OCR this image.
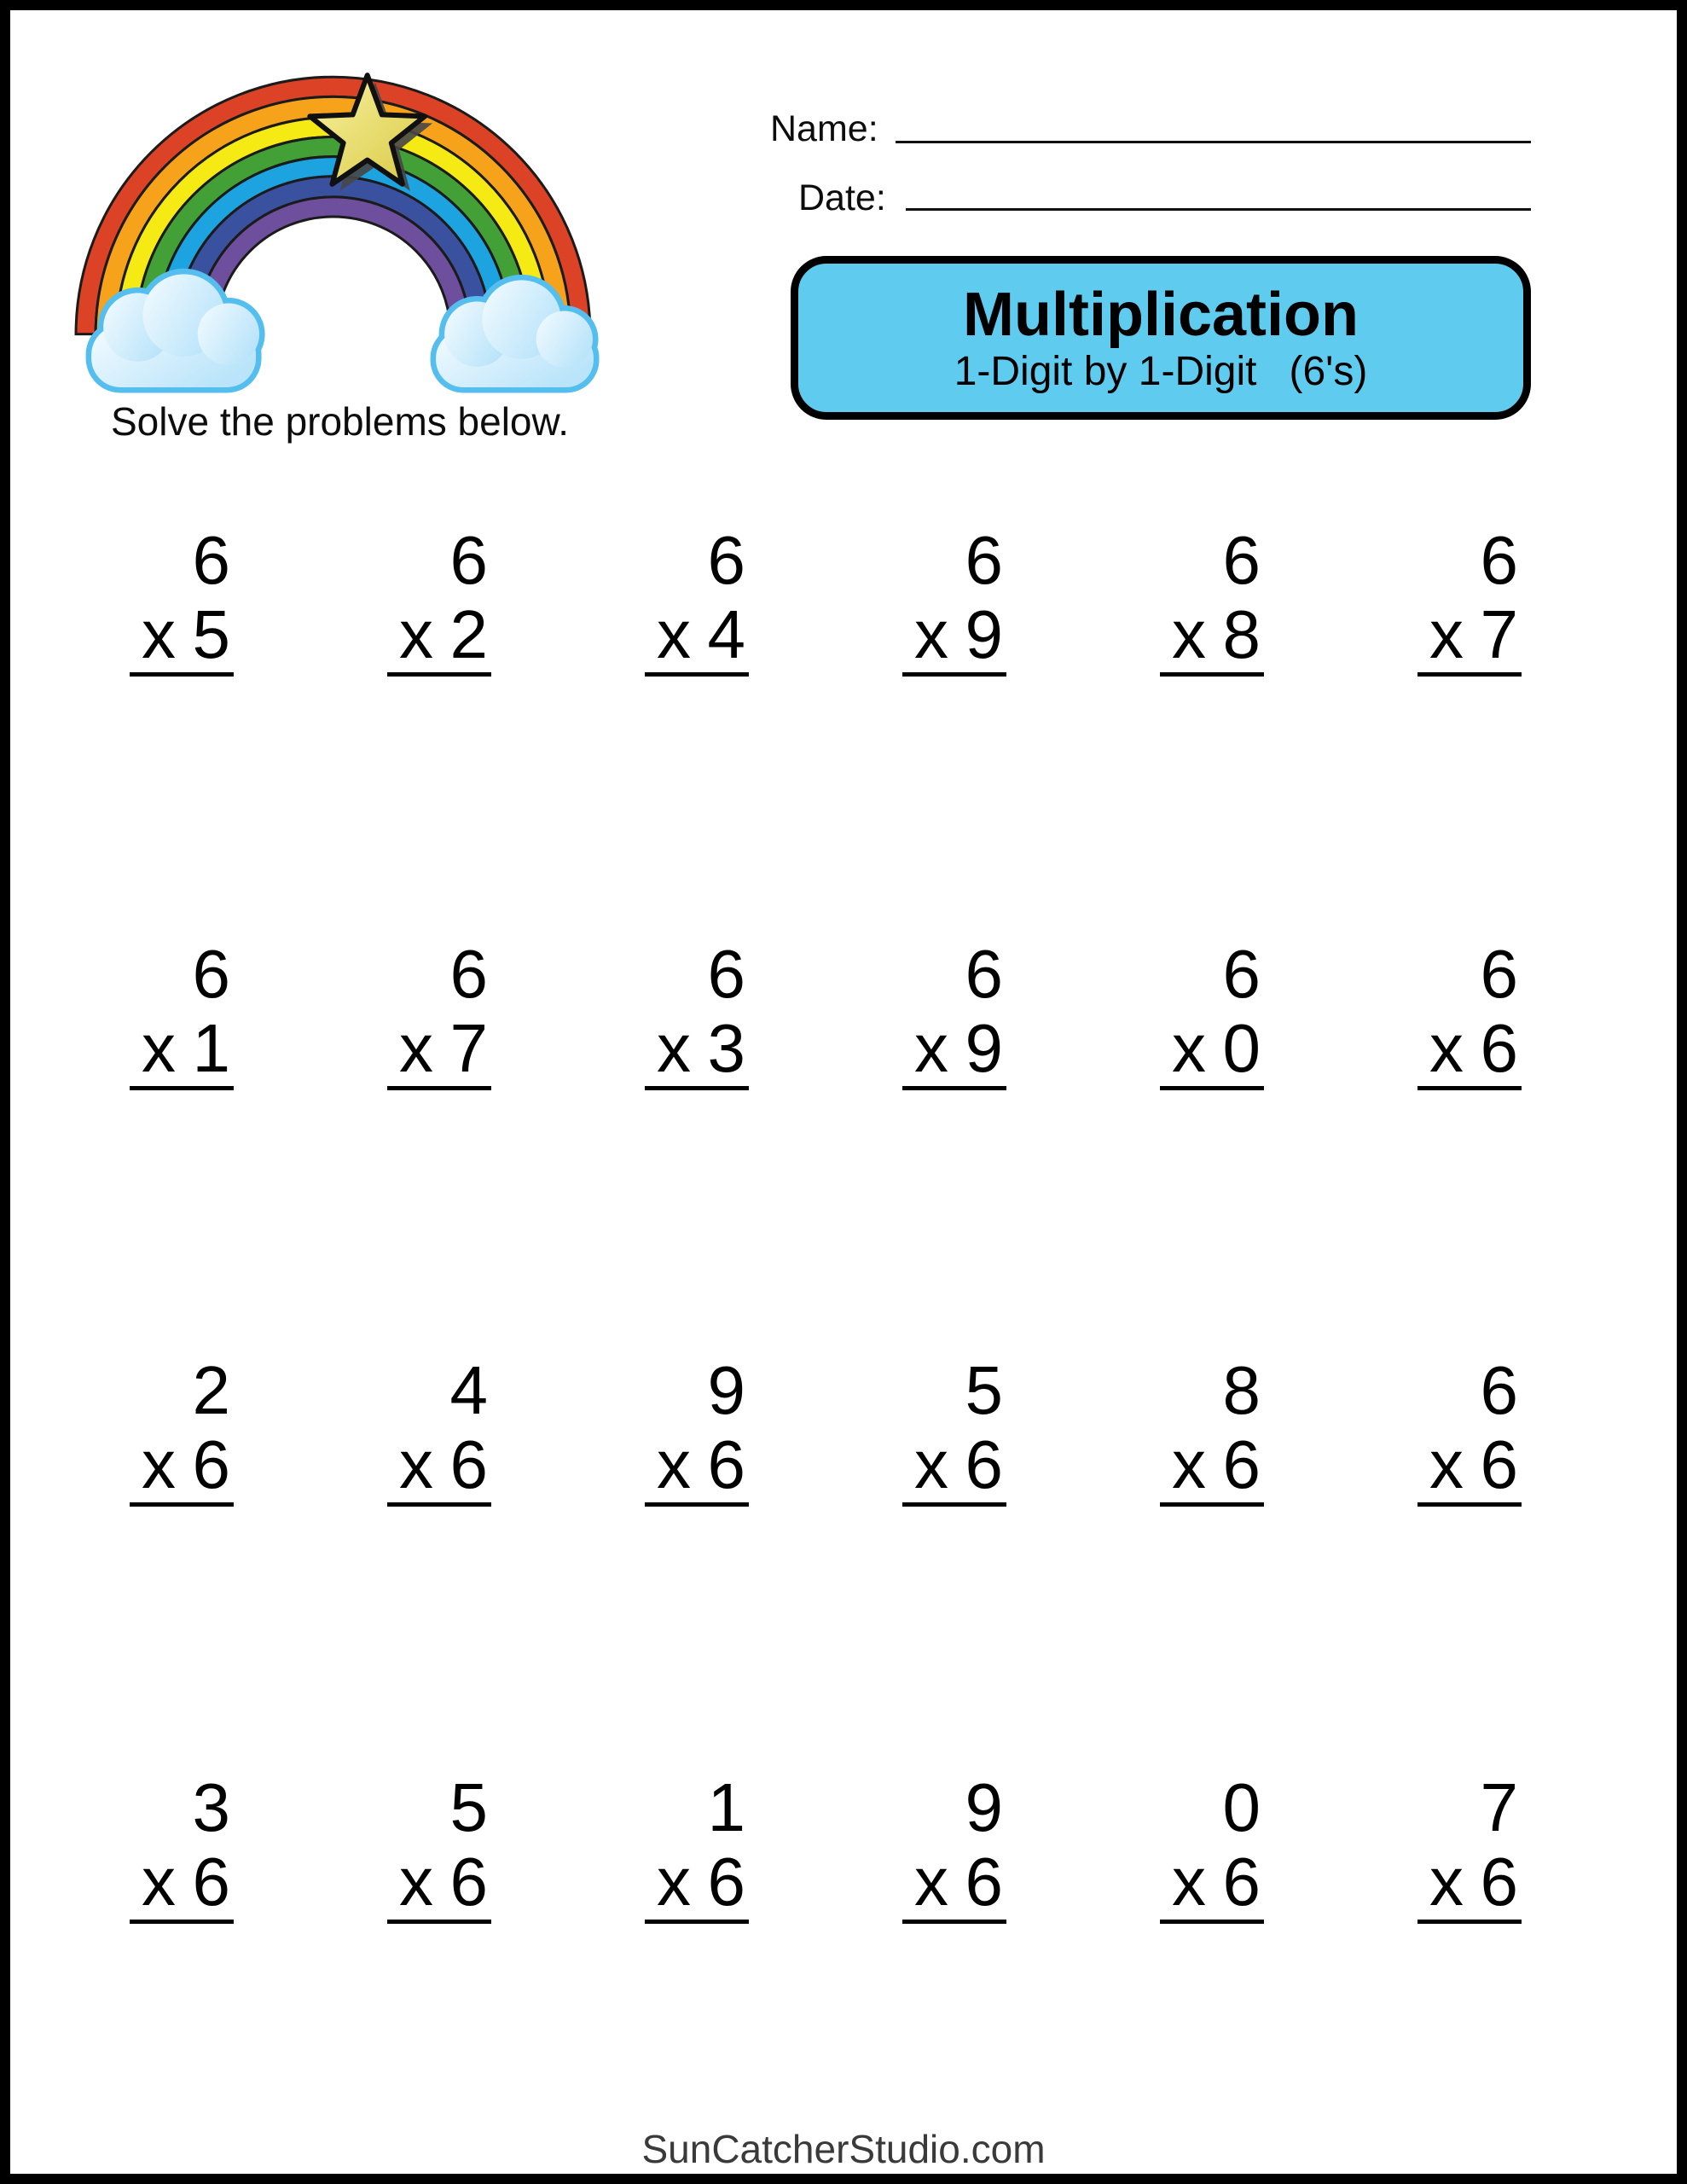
Solve the problems below.
Name:
Date:
Multiplication
1-Digit by 1-Digit (6's)
6
x 5
6
x 2
6
x 4
6
x 9
6
x 8
6
x 7
6
x 1
6
x 7
6
x 3
6
x 9
6
x 0
6
x 6
2
x 6
4
x 6
9
x 6
5
x 6
8
x 6
6
x 6
3
x 6
5
x 6
1
x 6
9
x 6
0
x 6
7
x 6
SunCatcherStudio.com
